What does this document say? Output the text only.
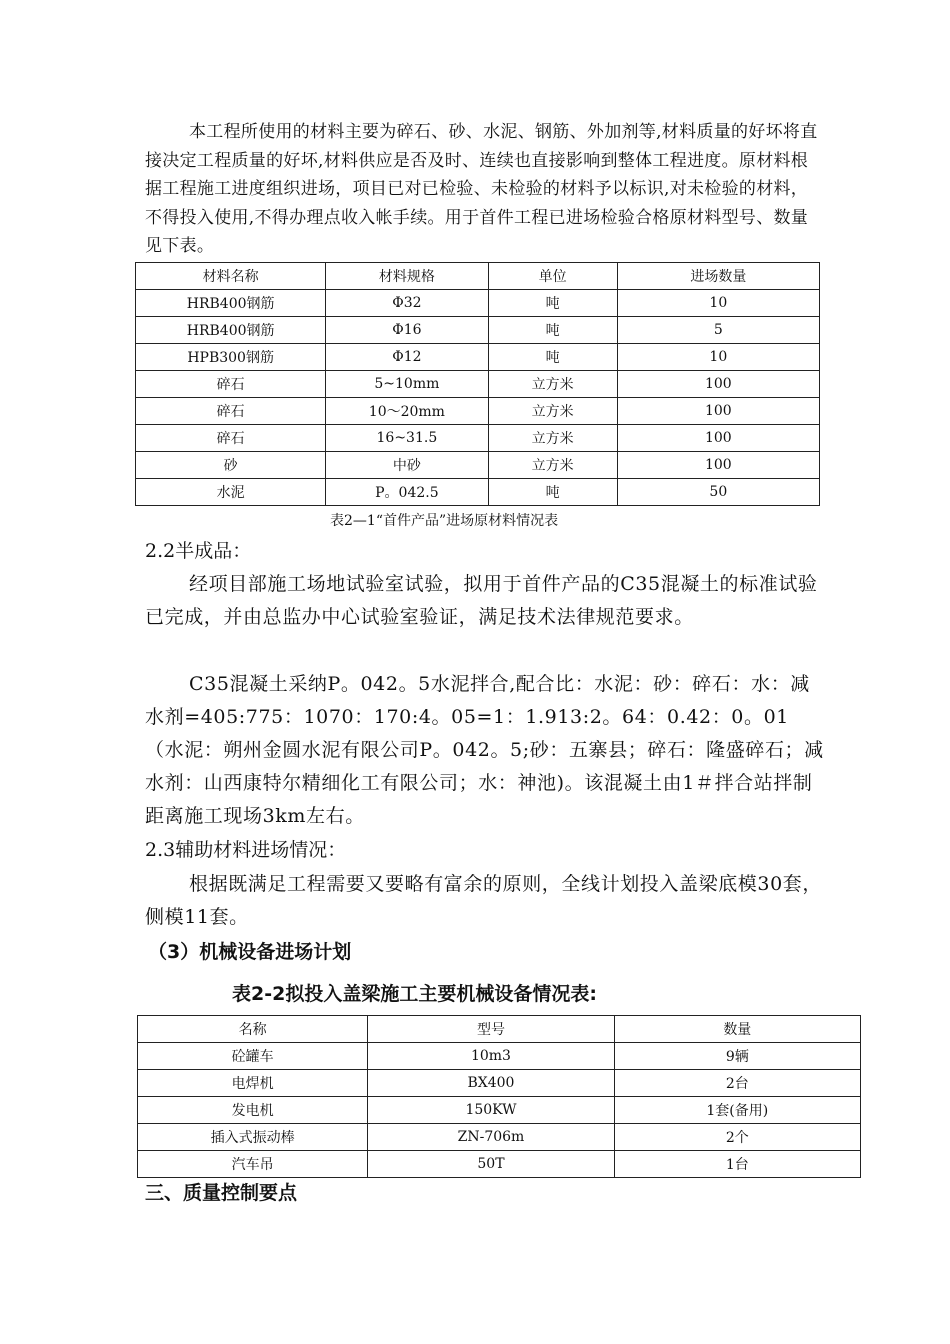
本工程所使用的材料主要为碎石、砂、水泥、钢筋、外加剂等,材料质量的好坏将直接决定工程质量的好坏,材料供应是否及时、连续也直接影响到整体工程进度。原材料根据工程施工进度组织进场，项目已对已检验、未检验的材料予以标识,对未检验的材料，不得投入使用,不得办理点收入帐手续。用于首件工程已进场检验合格原材料型号、数量见下表。

材料名称	材料规格	单位	进场数量
HRB400钢筋	Φ32	吨	10
HRB400钢筋	Φ16	吨	5
HPB300钢筋	Φ12	吨	10
碎石	5~10mm	立方米	100
碎石	10～20mm	立方米	100
碎石	16~31.5	立方米	100
砂	中砂	立方米	100
水泥	P。042.5	吨	50
表2—1“首件产品”进场原材料情况表
2.2半成品：

经项目部施工场地试验室试验，拟用于首件产品的C35混凝土的标准试验已完成，并由总监办中心试验室验证，满足技术法律规范要求。

C35混凝土采纳P。042。5水泥拌合,配合比：水泥：砂：碎石：水：减水剂=405:775：1070：170:4。05=1：1.913:2。64：0.42：0。01（水泥：朔州金圆水泥有限公司P。042。5;砂：五寨县；碎石：隆盛碎石；减水剂：山西康特尔精细化工有限公司；水：神池)。该混凝土由1＃拌合站拌制距离施工现场3km左右。

2.3辅助材料进场情况：

根据既满足工程需要又要略有富余的原则，全线计划投入盖梁底模30套，侧模11套。

（3）机械设备进场计划
表2-2拟投入盖梁施工主要机械设备情况表:
名称	型号	数量
砼罐车	10m3	9辆
电焊机	BX400	2台
发电机	150KW	1套(备用)
插入式振动棒	ZN-706m	2个
汽车吊	50T	1台
三、质量控制要点
